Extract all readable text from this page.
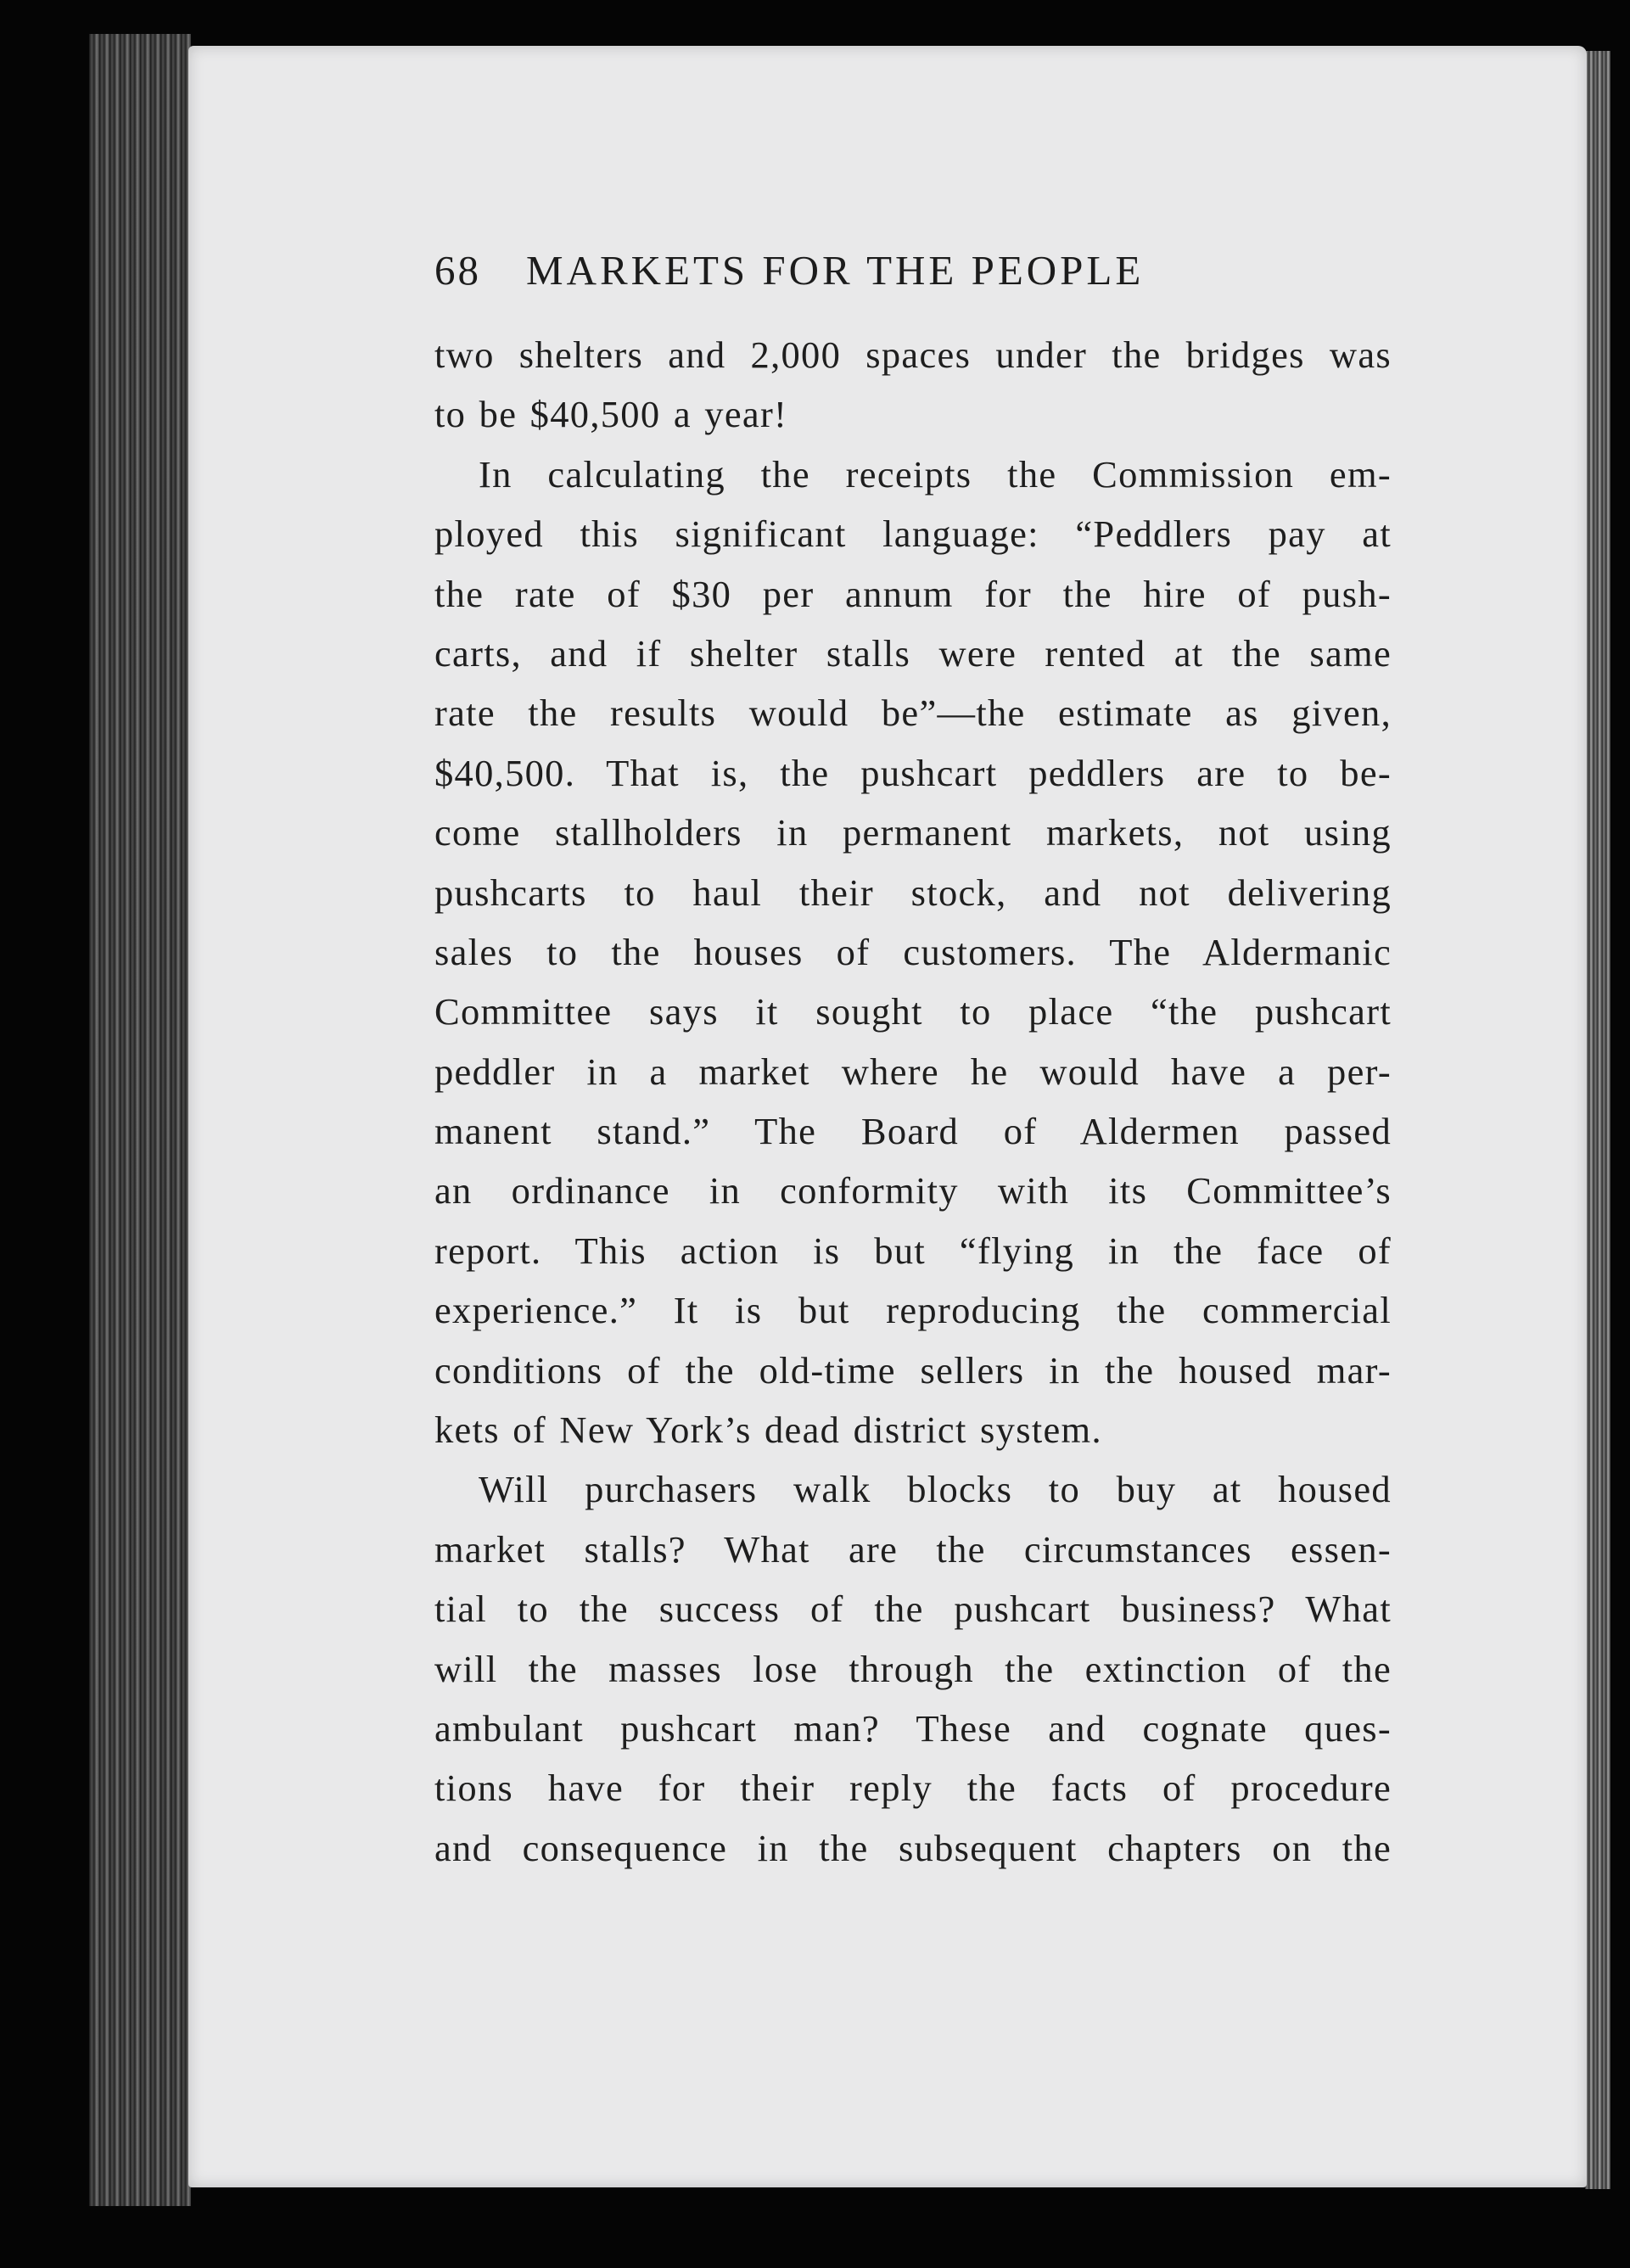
68 MARKETS FOR THE PEOPLE
two shelters and 2,000 spaces under the bridges was
to be $40,500 a year!
In calculating the receipts the Commission em-
ployed this significant language: “Peddlers pay at
the rate of $30 per annum for the hire of push-
carts, and if shelter stalls were rented at the same
rate the results would be”—the estimate as given,
$40,500. That is, the pushcart peddlers are to be-
come stallholders in permanent markets, not using
pushcarts to haul their stock, and not delivering
sales to the houses of customers. The Aldermanic
Committee says it sought to place “the pushcart
peddler in a market where he would have a per-
manent stand.” The Board of Aldermen passed
an ordinance in conformity with its Committee’s
report. This action is but “flying in the face of
experience.” It is but reproducing the commercial
conditions of the old-time sellers in the housed mar-
kets of New York’s dead district system.
Will purchasers walk blocks to buy at housed
market stalls? What are the circumstances essen-
tial to the success of the pushcart business? What
will the masses lose through the extinction of the
ambulant pushcart man? These and cognate ques-
tions have for their reply the facts of procedure
and consequence in the subsequent chapters on the
